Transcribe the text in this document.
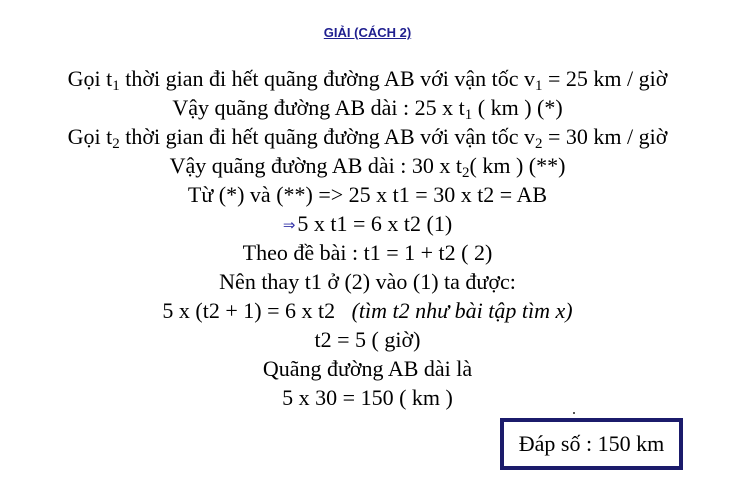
GIẢI (CÁCH 2)
Gọi $t_1$ thời gian đi hết quãng đường AB với vận tốc $v_1 = 25$ km / giờ
Vậy quãng đường AB dài : 25 x $t_1$ ( km ) (*)
Gọi $t_2$ thời gian đi hết quãng đường AB với vận tốc $v_2 = 30$ km / giờ
Vậy quãng đường AB dài : 30 x $t_2$( km ) (**)
Từ (*) và (**) => 25 x t1 = 30 x t2 = AB
⇒5 x t1 = 6 x t2 (1)
Theo đề bài : t1 = 1 + t2 ( 2)
Nên thay t1 ở (2) vào (1) ta được:
5 x (t2 + 1) = 6 x t2   (tìm t2 như bài tập tìm x)
t2 = 5 ( giờ)
Quãng đường AB dài là
5 x 30 = 150 ( km )
Đáp số : 150 km
